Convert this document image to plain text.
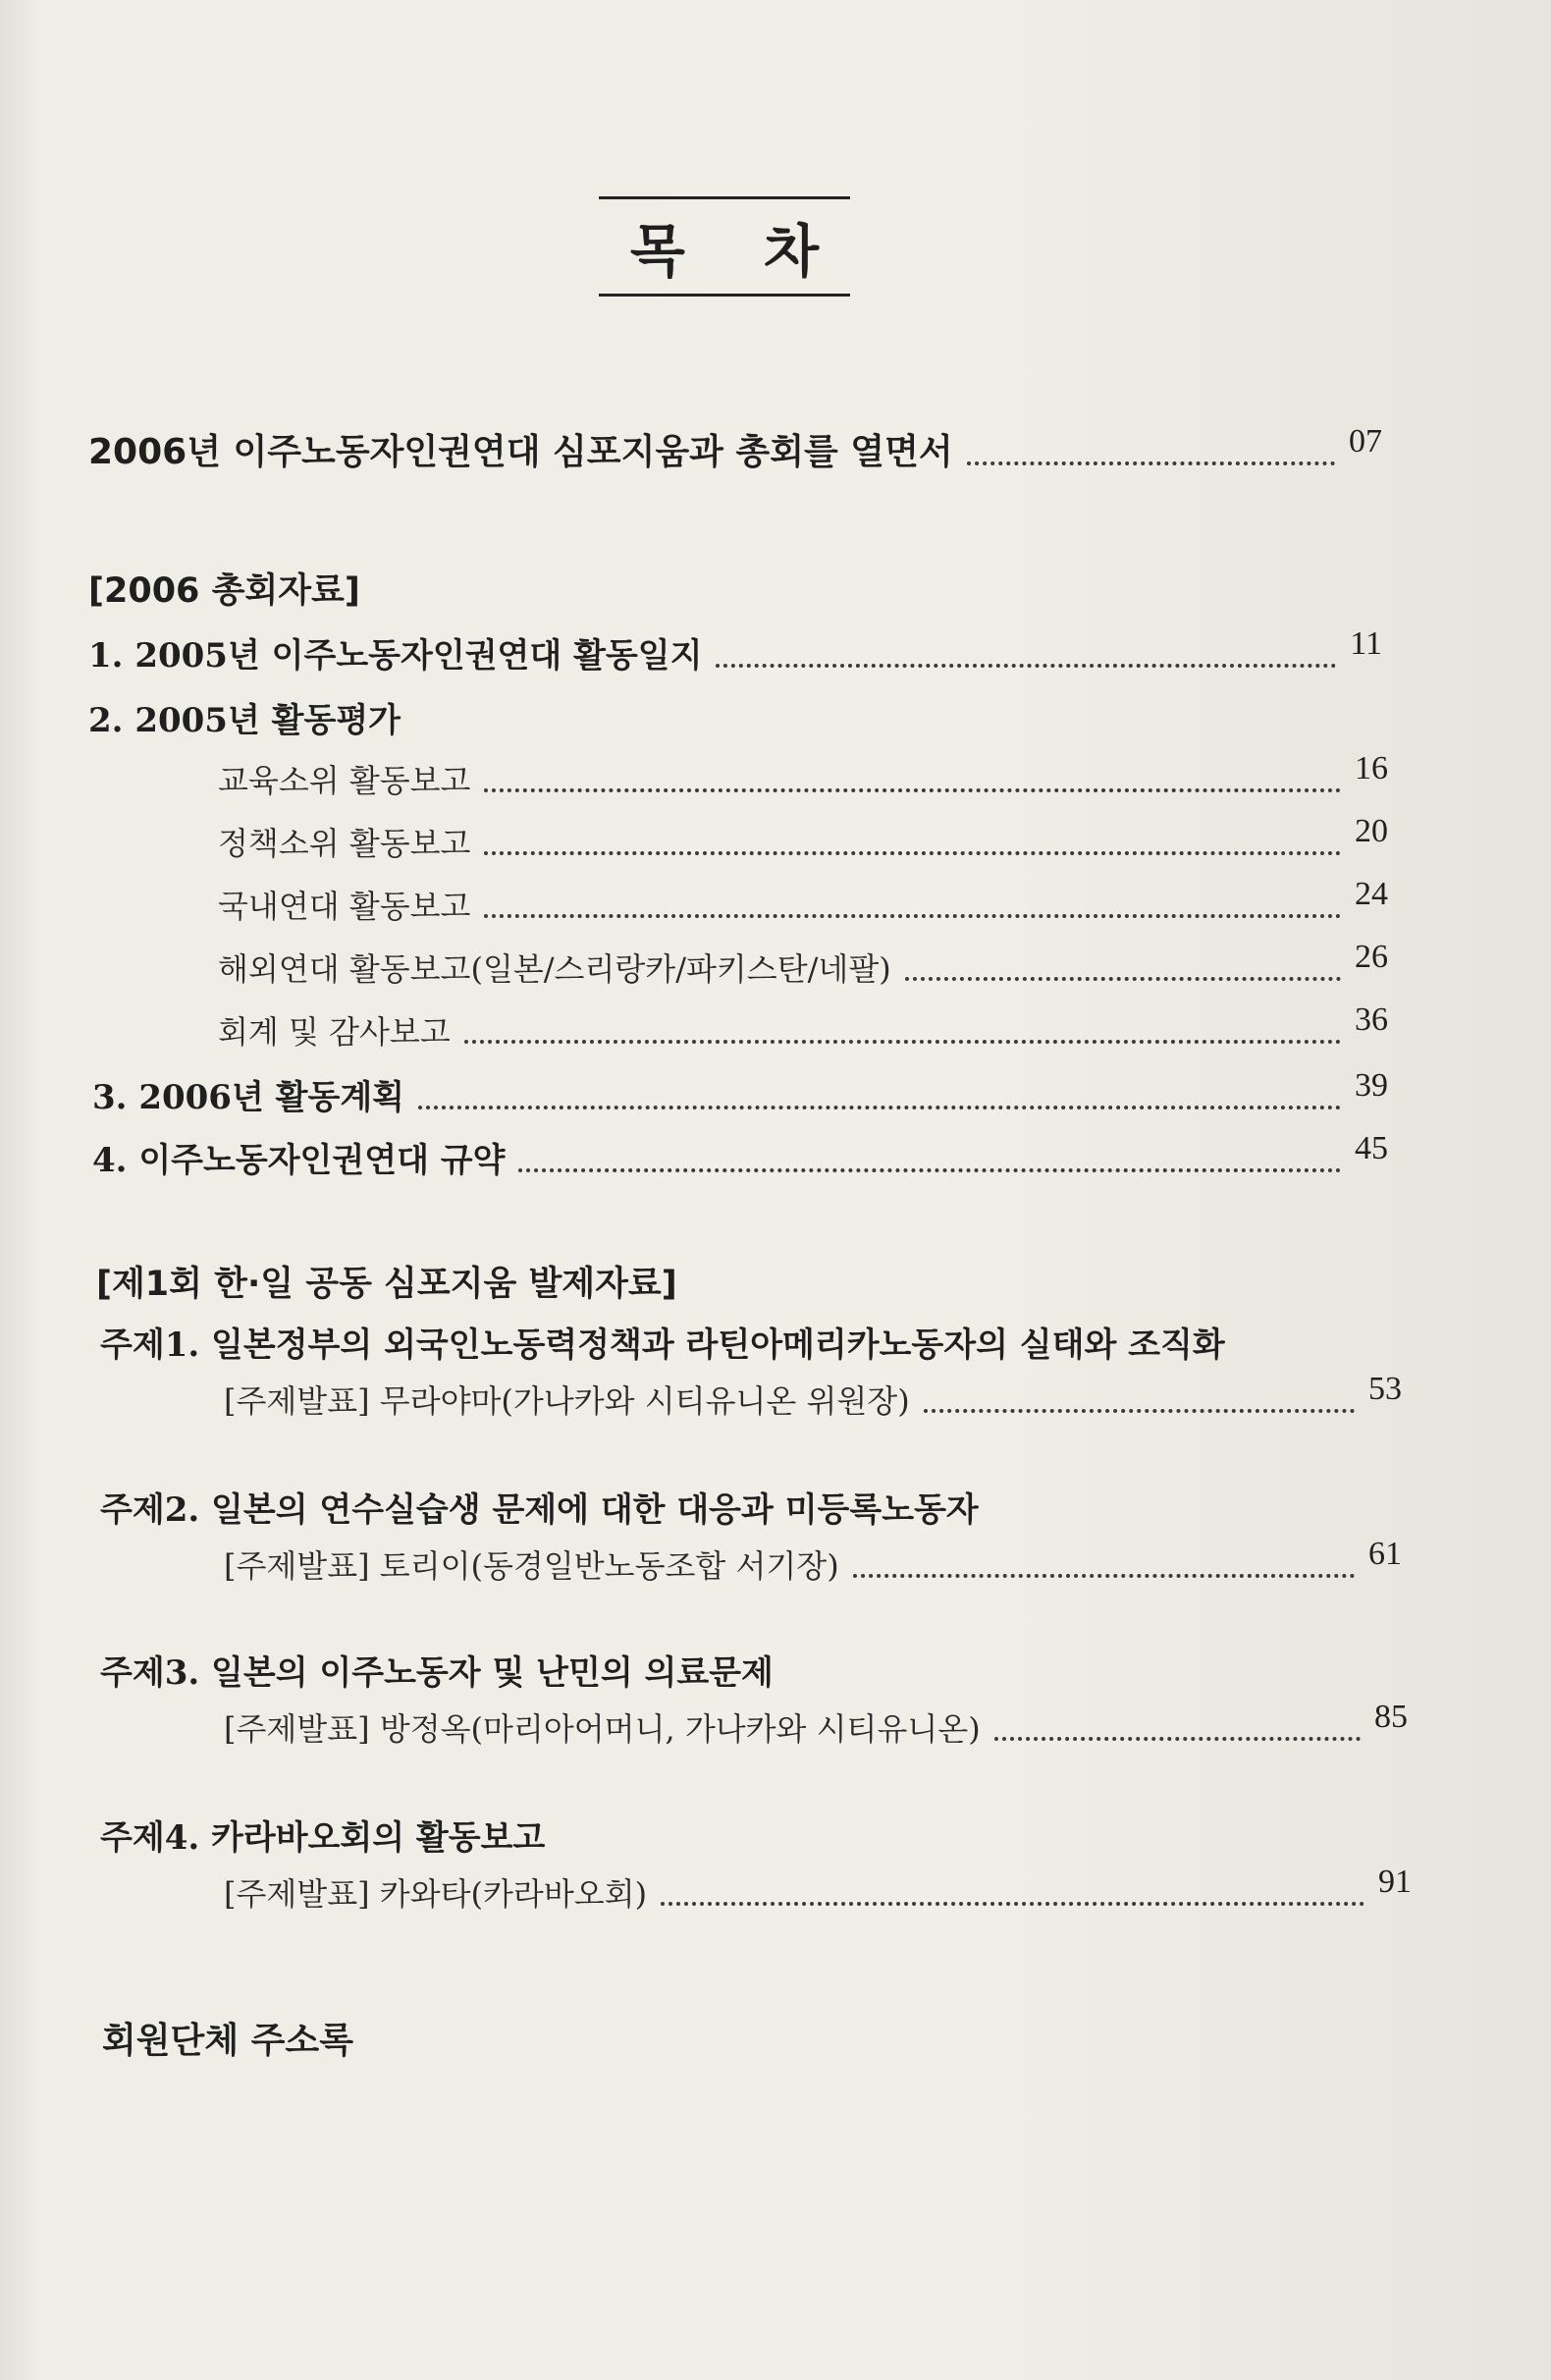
목 차
2006년 이주노동자인권연대 심포지움과 총회를 열면서	07
[2006 총회자료]
1. 2005년 이주노동자인권연대 활동일지	11
2. 2005년 활동평가
교육소위 활동보고	16
정책소위 활동보고	20
국내연대 활동보고	24
해외연대 활동보고(일본/스리랑카/파키스탄/네팔)	26
회계 및 감사보고	36
3. 2006년 활동계획	39
4. 이주노동자인권연대 규약	45
[제1회 한·일 공동 심포지움 발제자료]
주제1. 일본정부의 외국인노동력정책과 라틴아메리카노동자의 실태와 조직화
[주제발표] 무라야마(가나카와 시티유니온 위원장)	53
주제2. 일본의 연수실습생 문제에 대한 대응과 미등록노동자
[주제발표] 토리이(동경일반노동조합 서기장)	61
주제3. 일본의 이주노동자 및 난민의 의료문제
[주제발표] 방정옥(마리아어머니, 가나카와 시티유니온)	85
주제4. 카라바오회의 활동보고
[주제발표] 카와타(카라바오회)	91
회원단체 주소록
